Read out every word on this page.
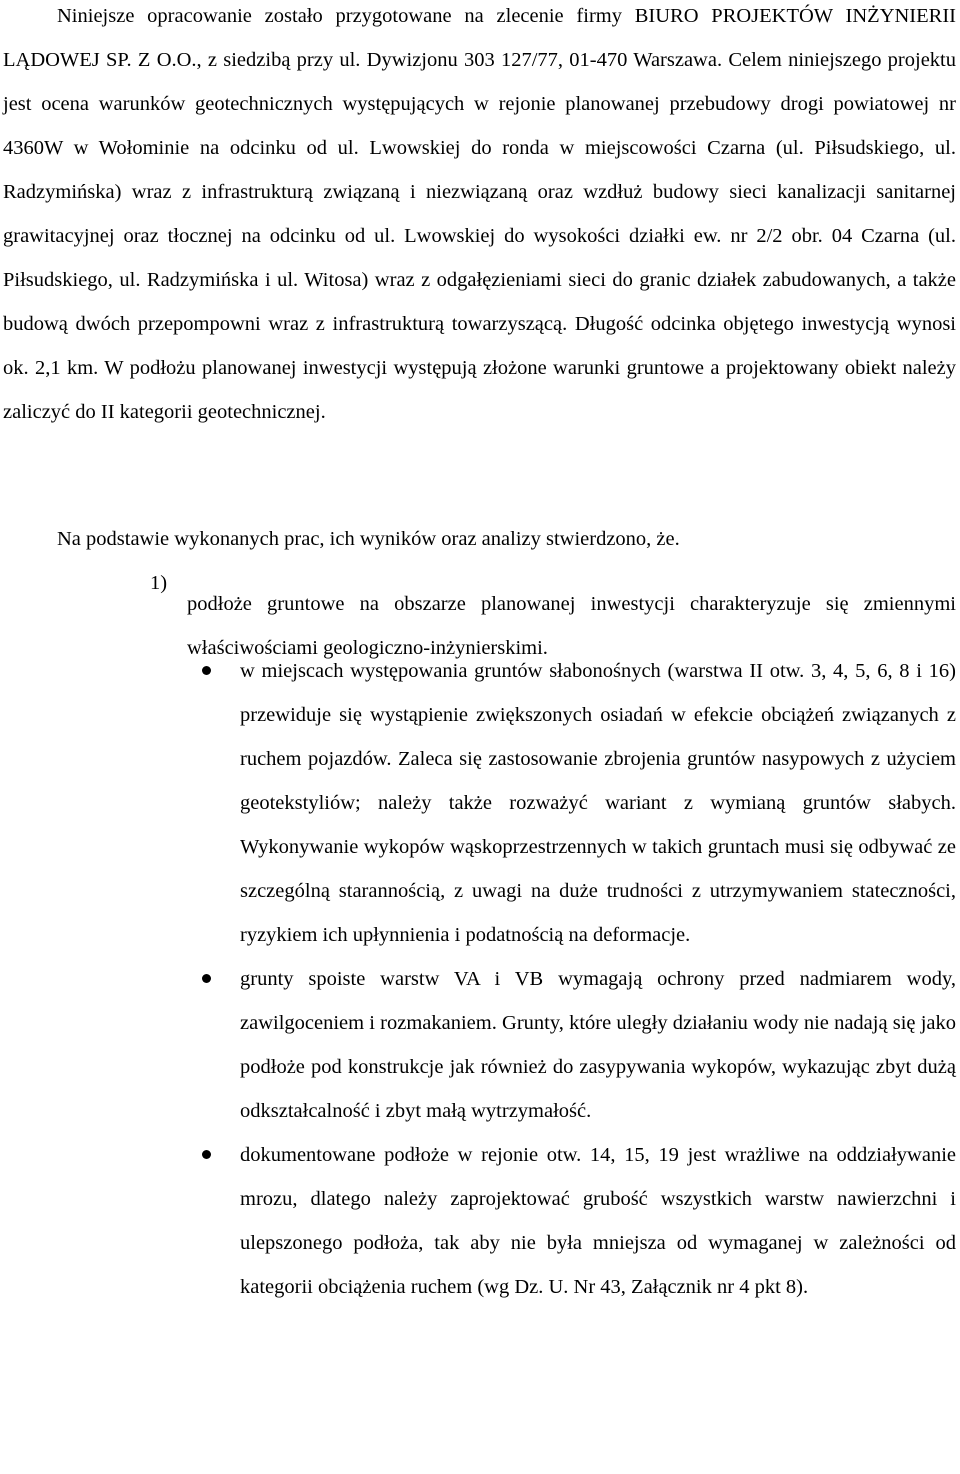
Niniejsze opracowanie zostało przygotowane na zlecenie firmy BIURO PROJEKTÓW INŻYNIERII LĄDOWEJ SP. Z O.O., z siedzibą przy ul. Dywizjonu 303 127/77, 01-470 Warszawa. Celem niniejszego projektu jest ocena warunków geotechnicznych występujących w rejonie planowanej przebudowy drogi powiatowej nr 4360W w Wołominie na odcinku od ul. Lwowskiej do ronda w miejscowości Czarna (ul. Piłsudskiego, ul. Radzymińska) wraz z infrastrukturą związaną i niezwiązaną oraz wzdłuż budowy sieci kanalizacji sanitarnej grawitacyjnej oraz tłocznej na odcinku od ul. Lwowskiej do wysokości działki ew. nr 2/2 obr. 04 Czarna (ul. Piłsudskiego, ul. Radzymińska i ul. Witosa) wraz z odgałęzieniami sieci do granic działek zabudowanych, a także budową dwóch przepompowni wraz z infrastrukturą towarzyszącą. Długość odcinka objętego inwestycją wynosi ok. 2,1 km. W podłożu planowanej inwestycji występują złożone warunki gruntowe a projektowany obiekt należy zaliczyć do II kategorii geotechnicznej.

Na podstawie wykonanych prac, ich wyników oraz analizy stwierdzono, że.

1)

podłoże gruntowe na obszarze planowanej inwestycji charakteryzuje się zmiennymi właściwościami geologiczno-inżynierskimi.

w miejscach występowania gruntów słabonośnych (warstwa II otw. 3, 4, 5, 6, 8 i 16) przewiduje się wystąpienie zwiększonych osiadań w efekcie obciążeń związanych z ruchem pojazdów. Zaleca się zastosowanie zbrojenia gruntów nasypowych z użyciem geotekstyliów; należy także rozważyć wariant z wymianą gruntów słabych. Wykonywanie wykopów wąskoprzestrzennych w takich gruntach musi się odbywać ze szczególną starannością, z uwagi na duże trudności z utrzymywaniem stateczności, ryzykiem ich upłynnienia i podatnością na deformacje.

grunty spoiste warstw VA i VB wymagają ochrony przed nadmiarem wody, zawilgoceniem i rozmakaniem. Grunty, które uległy działaniu wody nie nadają się jako podłoże pod konstrukcje jak również do zasypywania wykopów, wykazując zbyt dużą odkształcalność i zbyt małą wytrzymałość.

dokumentowane podłoże w rejonie otw. 14, 15, 19 jest wrażliwe na oddziaływanie mrozu, dlatego należy zaprojektować grubość wszystkich warstw nawierzchni i ulepszonego podłoża, tak aby nie była mniejsza od wymaganej w zależności od kategorii obciążenia ruchem (wg Dz. U. Nr 43, Załącznik nr 4 pkt 8).
